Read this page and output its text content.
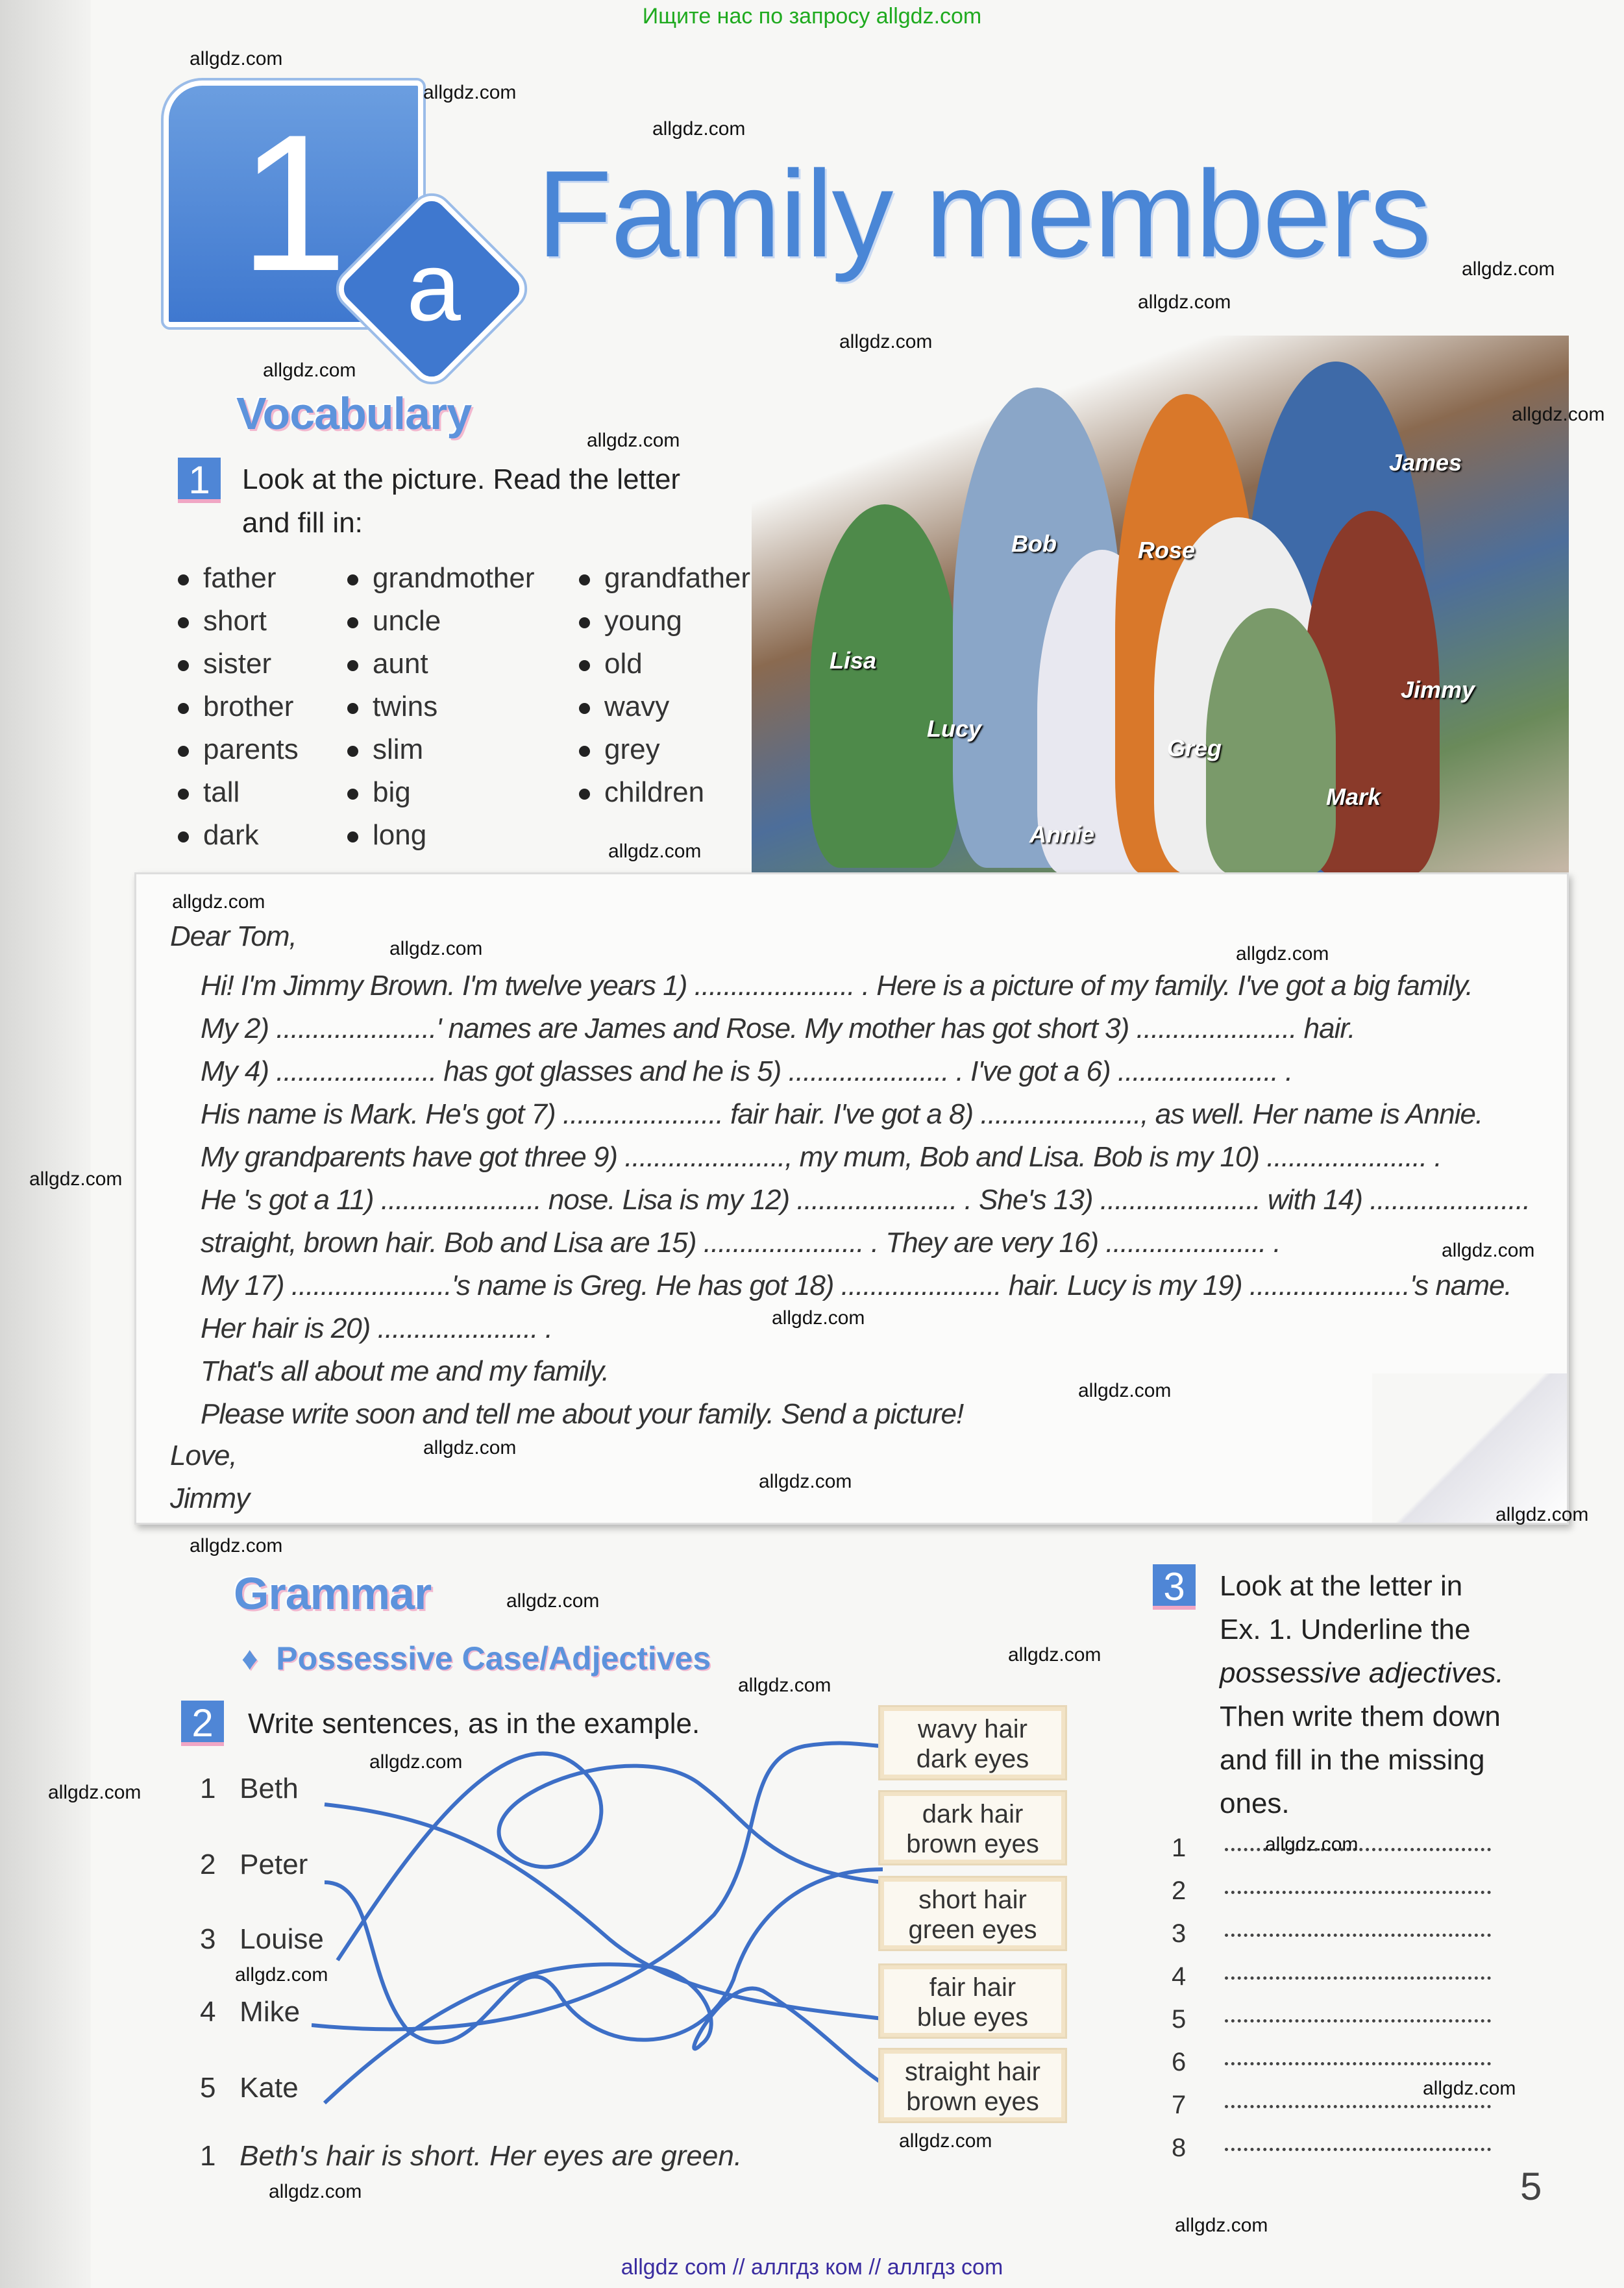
Ищите нас по запросу allgdz.com
1 a
Family members
Vocabulary
1	Look at the picture. Read the letter
and fill in:
Lisa
Bob	Rose
James
Lucy
Annie
Greg
Mark
Jimmy
Dear Tom,
Hi! I'm Jimmy Brown. I'm twelve years 1) ...................... . Here is a picture of my family. I've got a big family.
My 2) ......................' names are James and Rose. My mother has got short 3) ...................... hair.
My 4) ...................... has got glasses and he is 5) ...................... . I've got a 6) ...................... .
His name is Mark. He's got 7) ...................... fair hair. I've got a 8) ......................, as well. Her name is Annie.
My grandparents have got three 9) ......................, my mum, Bob and Lisa. Bob is my 10) ...................... .
He 's got a 11) ...................... nose. Lisa is my 12) ...................... . She's 13) ...................... with 14) ......................
straight, brown hair. Bob and Lisa are 15) ...................... . They are very 16) ...................... .
My 17) ......................'s name is Greg. He has got 18) ...................... hair. Lucy is my 19) ......................'s name.
Her hair is 20) ...................... .
That's all about me and my family.
Please write soon and tell me about your family. Send a picture!
Love,
Jimmy
Grammar
♦  Possessive Case/Adjectives
2	Write sentences, as in the example.
1 Beth's hair is short. Her eyes are green.
3
5
allgdz com // аллгдз ком // аллгдз com
father
short
sister
brother
parents
tall
dark
grandmother
uncle
aunt
twins
slim
big
long
grandfather
young
old
wavy
grey
children
1 Beth
2 Peter
3 Louise
4 Mike
5 Kate
wavy hair
dark eyes
dark hair
brown eyes
short hair
green eyes
fair hair
blue eyes
straight hair
brown eyes
Look at the letter in
Ex. 1. Underline the
possessive adjectives.
Then write them down
and fill in the missing
ones.
1
2
3
4
5
6
7
8
allgdz.com
allgdz.com
allgdz.com
allgdz.com
allgdz.com
allgdz.com
allgdz.com
allgdz.com
allgdz.com
allgdz.com
allgdz.com
allgdz.com	allgdz.com
allgdz.com
allgdz.com
allgdz.com
allgdz.com
allgdz.com
allgdz.com
allgdz.com
allgdz.com
allgdz.com
allgdz.com
allgdz.com
allgdz.com
allgdz.com
allgdz.com
allgdz.com
allgdz.com
allgdz.com
allgdz.com
allgdz.com
